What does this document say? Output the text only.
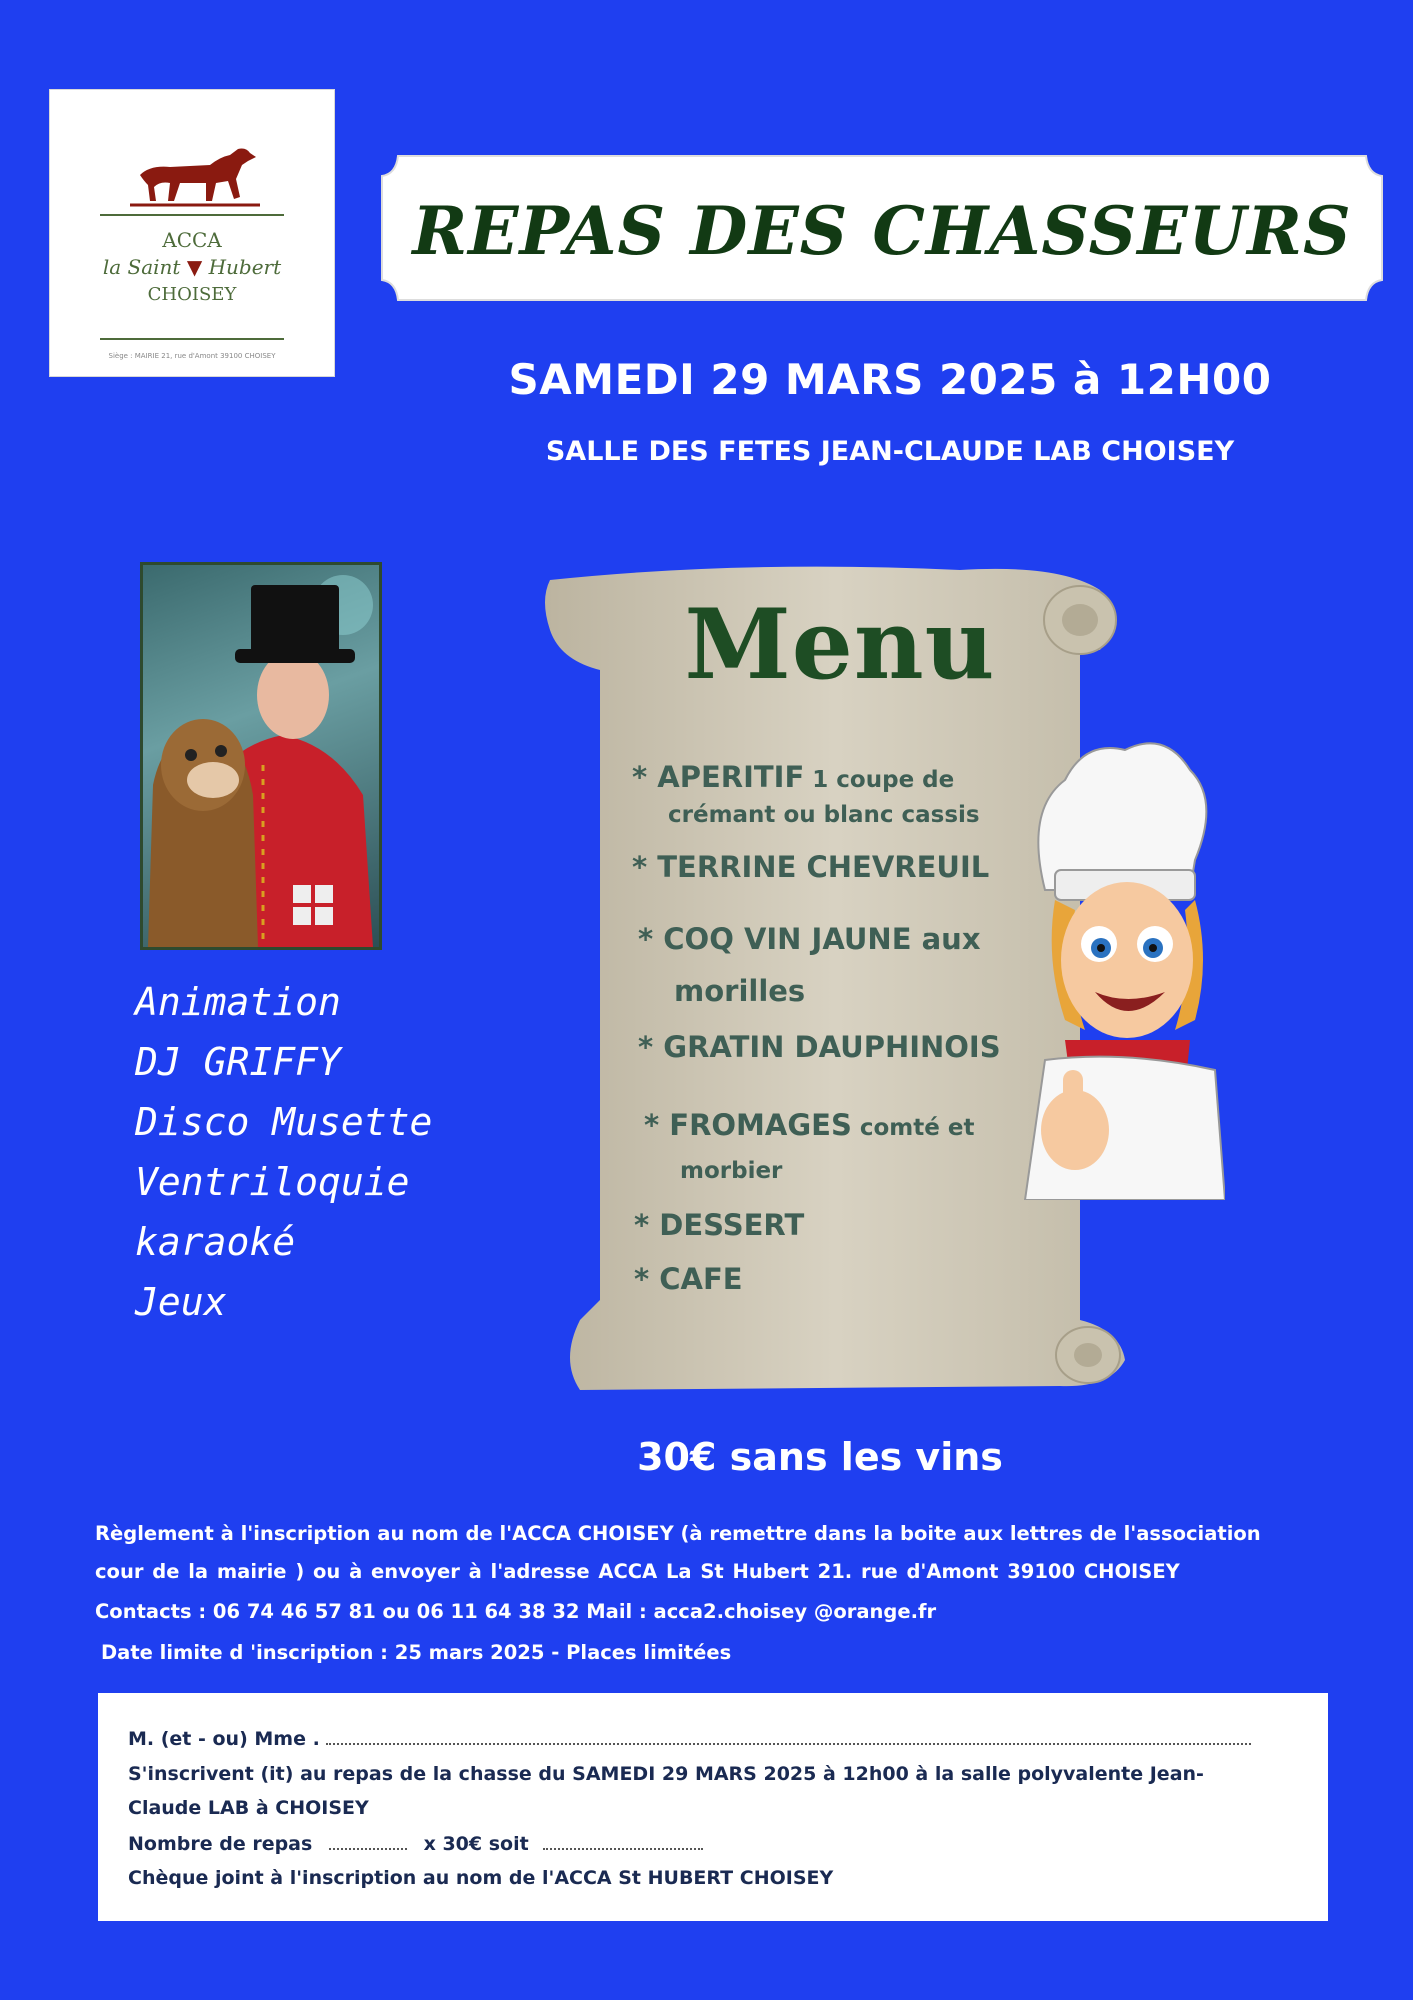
ACCA
la Saint ▼ Hubert
CHOISEY
Siège : MAIRIE 21, rue d'Amont 39100 CHOISEY
REPAS DES CHASSEURS
SAMEDI 29 MARS 2025 à 12H00
SALLE DES FETES JEAN-CLAUDE LAB CHOISEY
Animation
DJ GRIFFY
Disco Musette
Ventriloquie
karaoké
Jeux
Menu
* APERITIF 1 coupe de
crémant ou blanc cassis
* TERRINE CHEVREUIL
* COQ VIN JAUNE aux
morilles
* GRATIN DAUPHINOIS
* FROMAGES comté et
morbier
* DESSERT
* CAFE
30€ sans les vins
Règlement à l'inscription au nom de l'ACCA CHOISEY (à remettre dans la boite aux lettres de l'association
cour de la mairie ) ou à envoyer à l'adresse ACCA La St Hubert 21. rue d'Amont 39100 CHOISEY
Contacts : 06 74 46 57 81 ou 06 11 64 38 32 Mail : acca2.choisey @orange.fr
Date limite d 'inscription : 25 mars 2025 - Places limitées
M. (et - ou) Mme .
S'inscrivent (it) au repas de la chasse du SAMEDI 29 MARS 2025 à 12h00 à la salle polyvalente Jean-
Claude LAB à CHOISEY
Nombre de repas	x 30€ soit
Chèque joint à l'inscription au nom de l'ACCA St HUBERT CHOISEY
